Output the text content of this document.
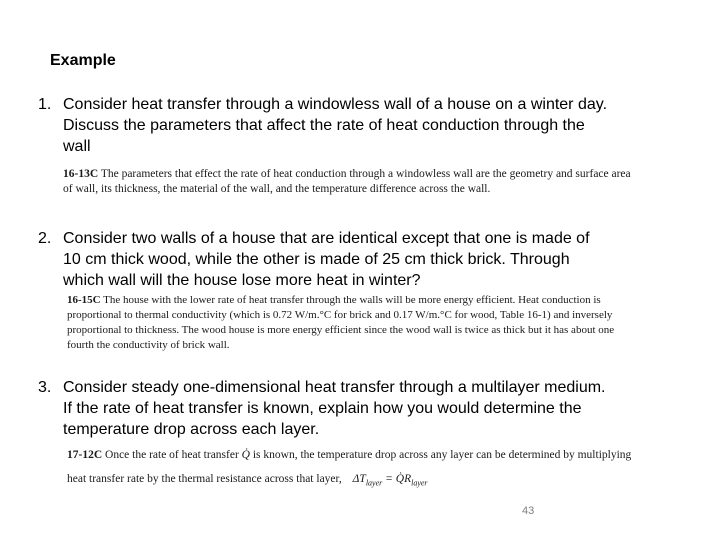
Example
1. Consider heat transfer through a windowless wall of a house on a winter day.
Discuss the parameters that affect the rate of heat conduction through the
wall
16-13C The parameters that effect the rate of heat conduction through a windowless wall are the geometry and surface area
of wall, its thickness, the material of the wall, and the temperature difference across the wall.
2. Consider two walls of a house that are identical except that one is made of
10 cm thick wood, while the other is made of 25 cm thick brick. Through
which wall will the house lose more heat in winter?
16-15C The house with the lower rate of heat transfer through the walls will be more energy efficient. Heat conduction is
proportional to thermal conductivity (which is 0.72 W/m.°C for brick and 0.17 W/m.°C for wood, Table 16-1) and inversely
proportional to thickness. The wood house is more energy efficient since the wood wall is twice as thick but it has about one
fourth the conductivity of brick wall.
3. Consider steady one-dimensional heat transfer through a multilayer medium.
If the rate of heat transfer is known, explain how you would determine the
temperature drop across each layer.
17-12C Once the rate of heat transfer Q̇ is known, the temperature drop across any layer can be determined by multiplying
heat transfer rate by the thermal resistance across that layer, $\Delta T_{layer}$ = $Q̇R_{layer}$
43
